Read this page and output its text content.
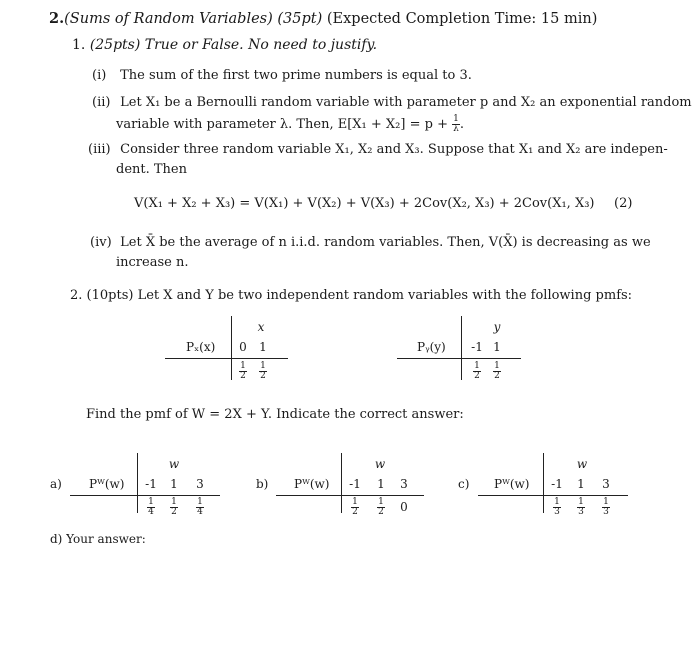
2.(Sums of Random Variables) (35pt) (Expected Completion Time: 15 min)
1. (25pts) True or False. No need to justify.
(i) The sum of the first two prime numbers is equal to 3.
(ii) Let X₁ be a Bernoulli random variable with parameter p and X₂ an exponential random
variable with parameter λ. Then, $E[X_1 + X_2] = p + \frac{1}{\lambda}$ .
(iii) Consider three random variable X₁, X₂ and X₃. Suppose that X₁ and X₂ are indepen-
dent. Then
V(X₁ + X₂ + X₃) = V(X₁) + V(X₂) + V(X₃) + 2Cov(X₂, X₃) + 2Cov(X₁, X₃) (2)
(iv) Let X̄ be the average of n i.i.d. random variables. Then, V(X̄) is decreasing as we
increase n.
2. (10pts) Let X and Y be two independent random variables with the following pmfs:
x
Pₓ(x) 0 1
$\frac{1}{2} \frac{1}{2}$
y
Pᵧ(y) -1 1
$\frac{1}{2} \frac{1}{2}$
Find the pmf of W = 2X + Y. Indicate the correct answer:
a)
w
Pᵂ(w) -1 1 3
$\frac{1}{4} \frac{1}{2} \frac{1}{4}$
b)
w
Pᵂ(w) -1 1 3
$\frac{1}{2} \frac{1}{2} 0$
c)
w
Pᵂ(w) -1 1 3
$\frac{1}{3} \frac{1}{3} \frac{1}{3}$
d) Your answer:
